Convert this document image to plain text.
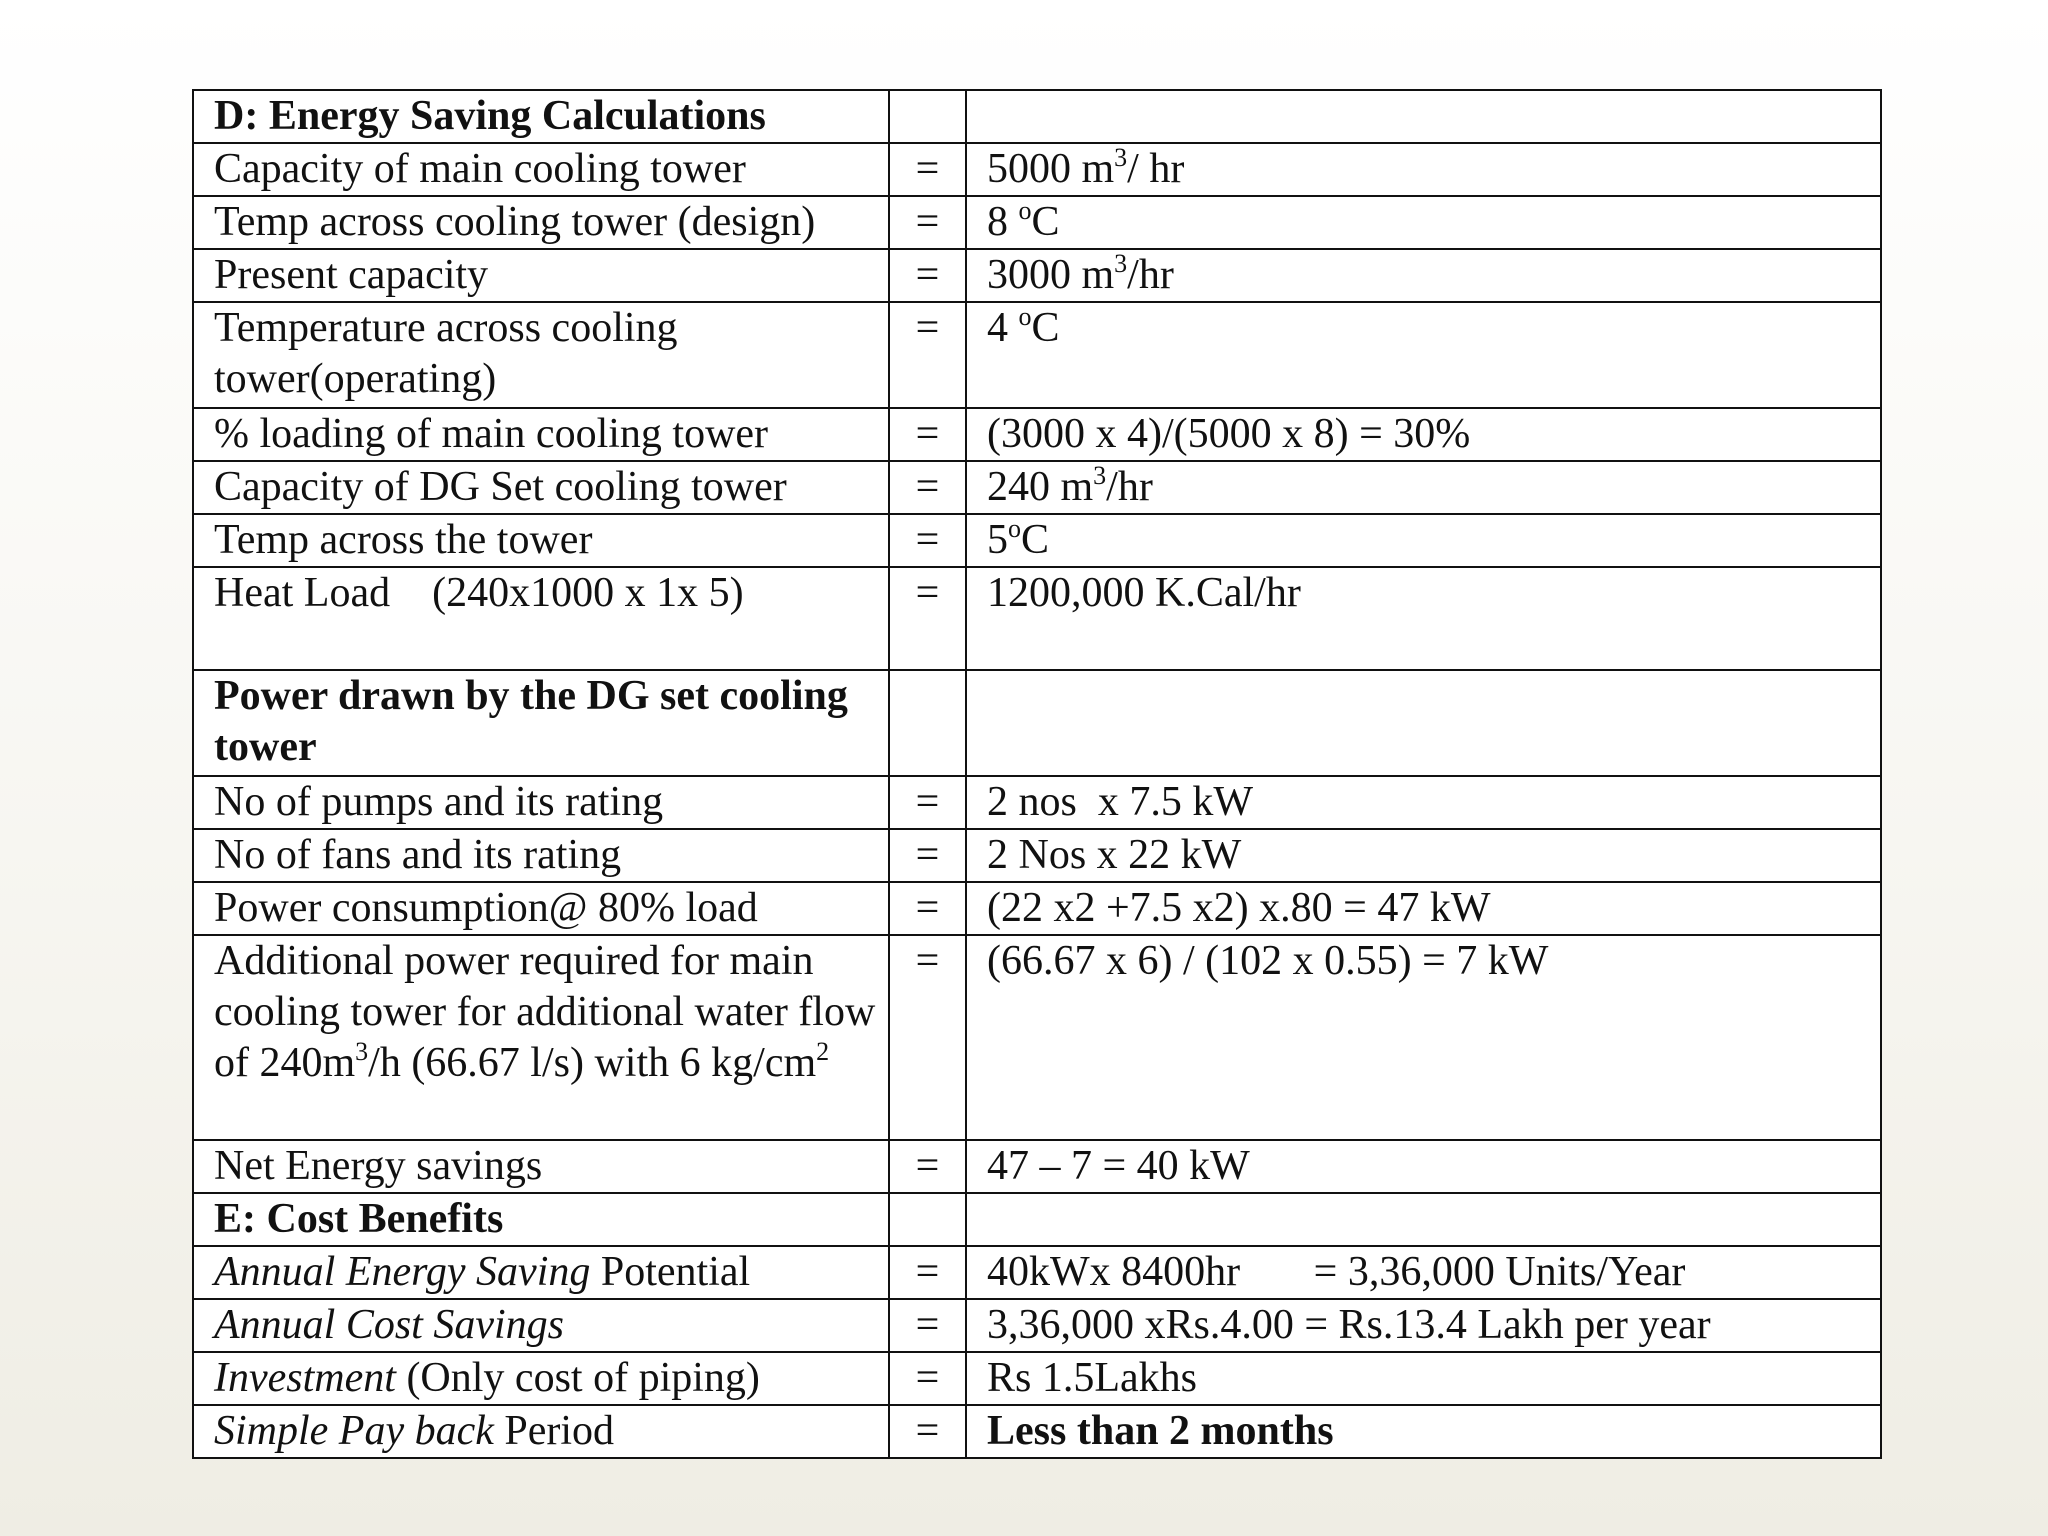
D: Energy Saving Calculations		
Capacity of main cooling tower	=	5000 $m^3/$ hr
Temp across cooling tower (design)	=	8 $^o$C
Present capacity	=	3000 $m^3/hr$
Temperature across cooling tower(operating)	=	4 $^o$C
% loading of main cooling tower	=	(3000 x 4)/(5000 x 8) = 30%
Capacity of DG Set cooling tower	=	240 $m^3/hr$
Temp across the tower	=	$5^oC$
Heat Load    (240x1000 x 1x 5)	=	1200,000 K.Cal/hr
Power drawn by the DG set cooling tower		
No of pumps and its rating	=	2 nos  x 7.5 kW
No of fans and its rating	=	2 Nos x 22 kW
Power consumption@ 80% load	=	(22 x2 +7.5 x2) x.80 = 47 kW
Additional power required for main cooling tower for additional water flow of $240m^3/h$ (66.67 l/s) with 6 $kg/cm^2$	=	(66.67 x 6) / (102 x 0.55) = 7 kW
Net Energy savings	=	47 – 7 = 40 kW
E: Cost Benefits		
Annual Energy Saving Potential	=	40kWx 8400hr       = 3,36,000 Units/Year
Annual Cost Savings	=	3,36,000 xRs.4.00 = Rs.13.4 Lakh per year
Investment (Only cost of piping)	=	Rs 1.5Lakhs
Simple Pay back Period	=	Less than 2 months
